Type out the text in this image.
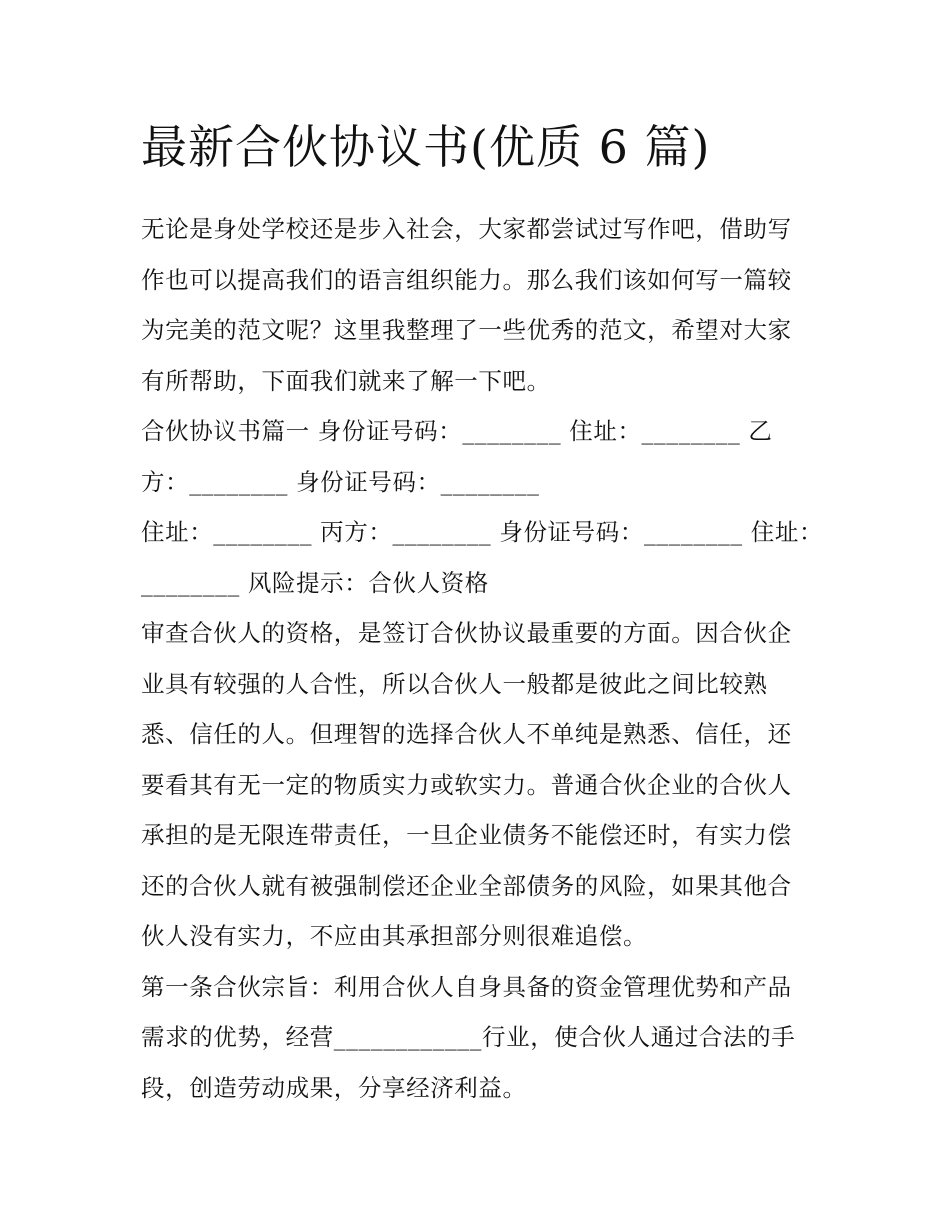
最新合伙协议书(优质 6 篇)

无论是身处学校还是步入社会，大家都尝试过写作吧，借助写
作也可以提高我们的语言组织能力。那么我们该如何写一篇较
为完美的范文呢？这里我整理了一些优秀的范文，希望对大家
有所帮助，下面我们就来了解一下吧。

合伙协议书篇一 身份证号码：________ 住址：________ 乙
方：________ 身份证号码：________

住址：________ 丙方：________ 身份证号码：________ 住址：
________ 风险提示：合伙人资格

审查合伙人的资格，是签订合伙协议最重要的方面。因合伙企
业具有较强的人合性，所以合伙人一般都是彼此之间比较熟
悉、信任的人。但理智的选择合伙人不单纯是熟悉、信任，还
要看其有无一定的物质实力或软实力。普通合伙企业的合伙人
承担的是无限连带责任，一旦企业债务不能偿还时，有实力偿
还的合伙人就有被强制偿还企业全部债务的风险，如果其他合
伙人没有实力，不应由其承担部分则很难追偿。

第一条合伙宗旨：利用合伙人自身具备的资金管理优势和产品
需求的优势，经营____________行业，使合伙人通过合法的手
段，创造劳动成果，分享经济利益。
